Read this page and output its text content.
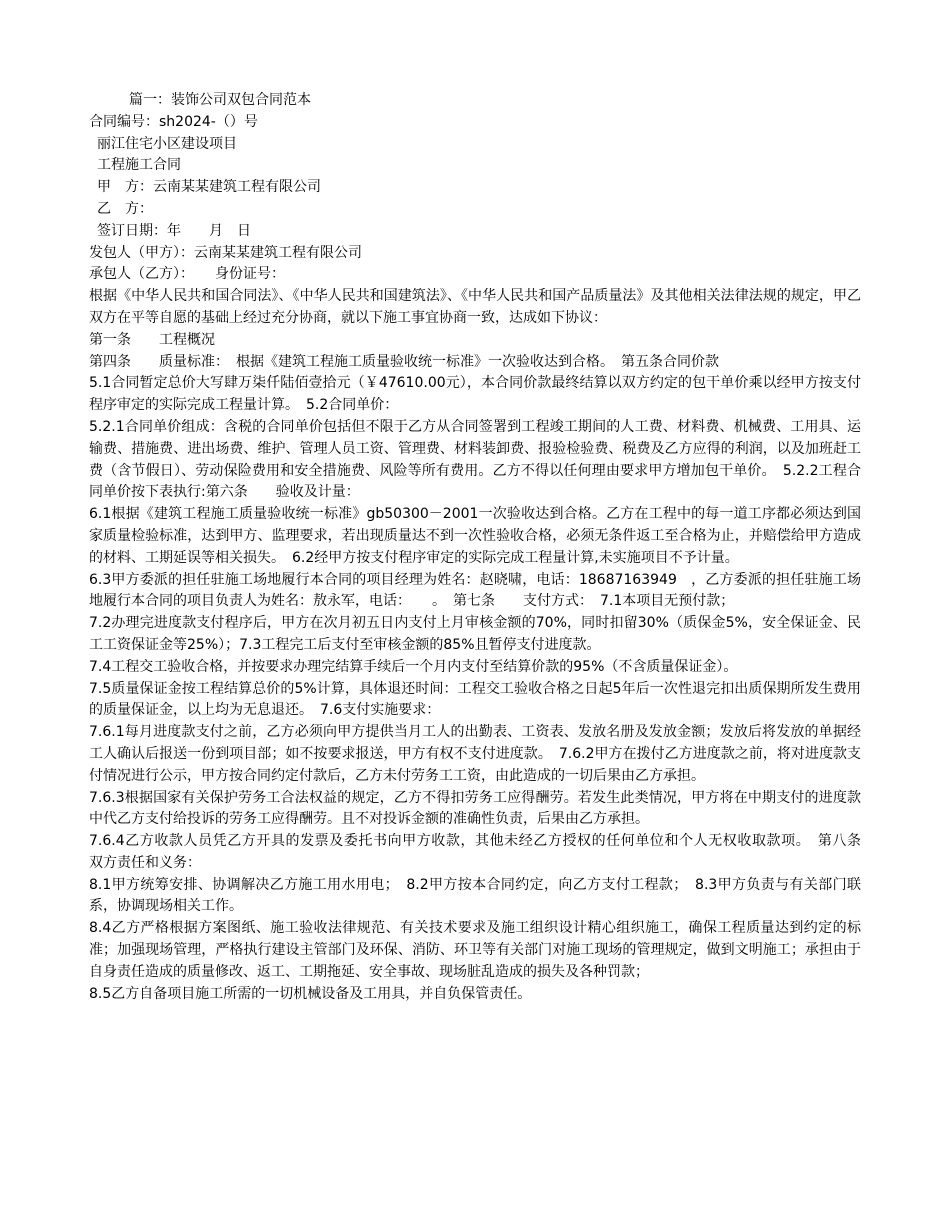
篇一：装饰公司双包合同范本
合同编号：sh2024-（）号
丽江住宅小区建设项目
工程施工合同
甲　方：云南某某建筑工程有限公司
乙　方：
签订日期：年　　月　日
发包人（甲方）：云南某某建筑工程有限公司
承包人（乙方）：　　身份证号：
根据《中华人民共和国合同法》、《中华人民共和国建筑法》、《中华人民共和国产品质量法》及其他相关法律法规的规定，甲乙双方在平等自愿的基础上经过充分协商，就以下施工事宜协商一致，达成如下协议：
第一条　　工程概况
第四条　　质量标准：　根据《建筑工程施工质量验收统一标准》一次验收达到合格。　第五条合同价款
5.1合同暂定总价大写肆万柒仟陆佰壹拾元（￥47610.00元），本合同价款最终结算以双方约定的包干单价乘以经甲方按支付程序审定的实际完成工程量计算。　5.2合同单价：
5.2.1合同单价组成：含税的合同单价包括但不限于乙方从合同签署到工程竣工期间的人工费、材料费、机械费、工用具、运输费、措施费、进出场费、维护、管理人员工资、管理费、材料装卸费、报验检验费、税费及乙方应得的利润，以及加班赶工费（含节假日）、劳动保险费用和安全措施费、风险等所有费用。乙方不得以任何理由要求甲方增加包干单价。　5.2.2工程合同单价按下表执行:第六条　　验收及计量：
6.1根据《建筑工程施工质量验收统一标准》gb50300－2001一次验收达到合格。乙方在工程中的每一道工序都必须达到国家质量检验标准，达到甲方、监理要求，若出现质量达不到一次性验收合格，必须无条件返工至合格为止，并赔偿给甲方造成的材料、工期延误等相关损失。　6.2经甲方按支付程序审定的实际完成工程量计算,未实施项目不予计量。
6.3甲方委派的担任驻施工场地履行本合同的项目经理为姓名：赵晓啸，电话：18687163949　，乙方委派的担任驻施工场地履行本合同的项目负责人为姓名：敖永军，电话：　　。　第七条　　支付方式：　7.1本项目无预付款；
7.2办理完进度款支付程序后，甲方在次月初五日内支付上月审核金额的70%，同时扣留30%（质保金5%，安全保证金、民工工资保证金等25%）；7.3工程完工后支付至审核金额的85%且暂停支付进度款。
7.4工程交工验收合格，并按要求办理完结算手续后一个月内支付至结算价款的95%（不含质量保证金）。
7.5质量保证金按工程结算总价的5%计算，具体退还时间：工程交工验收合格之日起5年后一次性退完扣出质保期所发生费用的质量保证金，以上均为无息退还。　7.6支付实施要求：
7.6.1每月进度款支付之前，乙方必须向甲方提供当月工人的出勤表、工资表、发放名册及发放金额；发放后将发放的单据经工人确认后报送一份到项目部；如不按要求报送，甲方有权不支付进度款。　7.6.2甲方在拨付乙方进度款之前，将对进度款支付情况进行公示，甲方按合同约定付款后，乙方未付劳务工工资，由此造成的一切后果由乙方承担。
7.6.3根据国家有关保护劳务工合法权益的规定，乙方不得扣劳务工应得酬劳。若发生此类情况，甲方将在中期支付的进度款中代乙方支付给投诉的劳务工应得酬劳。且不对投诉金额的准确性负责，后果由乙方承担。
7.6.4乙方收款人员凭乙方开具的发票及委托书向甲方收款，其他未经乙方授权的任何单位和个人无权收取款项。　第八条　　双方责任和义务：
8.1甲方统筹安排、协调解决乙方施工用水用电；　8.2甲方按本合同约定，向乙方支付工程款；　8.3甲方负责与有关部门联系，协调现场相关工作。
8.4乙方严格根据方案图纸、施工验收法律规范、有关技术要求及施工组织设计精心组织施工，确保工程质量达到约定的标准；加强现场管理，严格执行建设主管部门及环保、消防、环卫等有关部门对施工现场的管理规定，做到文明施工；承担由于自身责任造成的质量修改、返工、工期拖延、安全事故、现场脏乱造成的损失及各种罚款；
8.5乙方自备项目施工所需的一切机械设备及工用具，并自负保管责任。
